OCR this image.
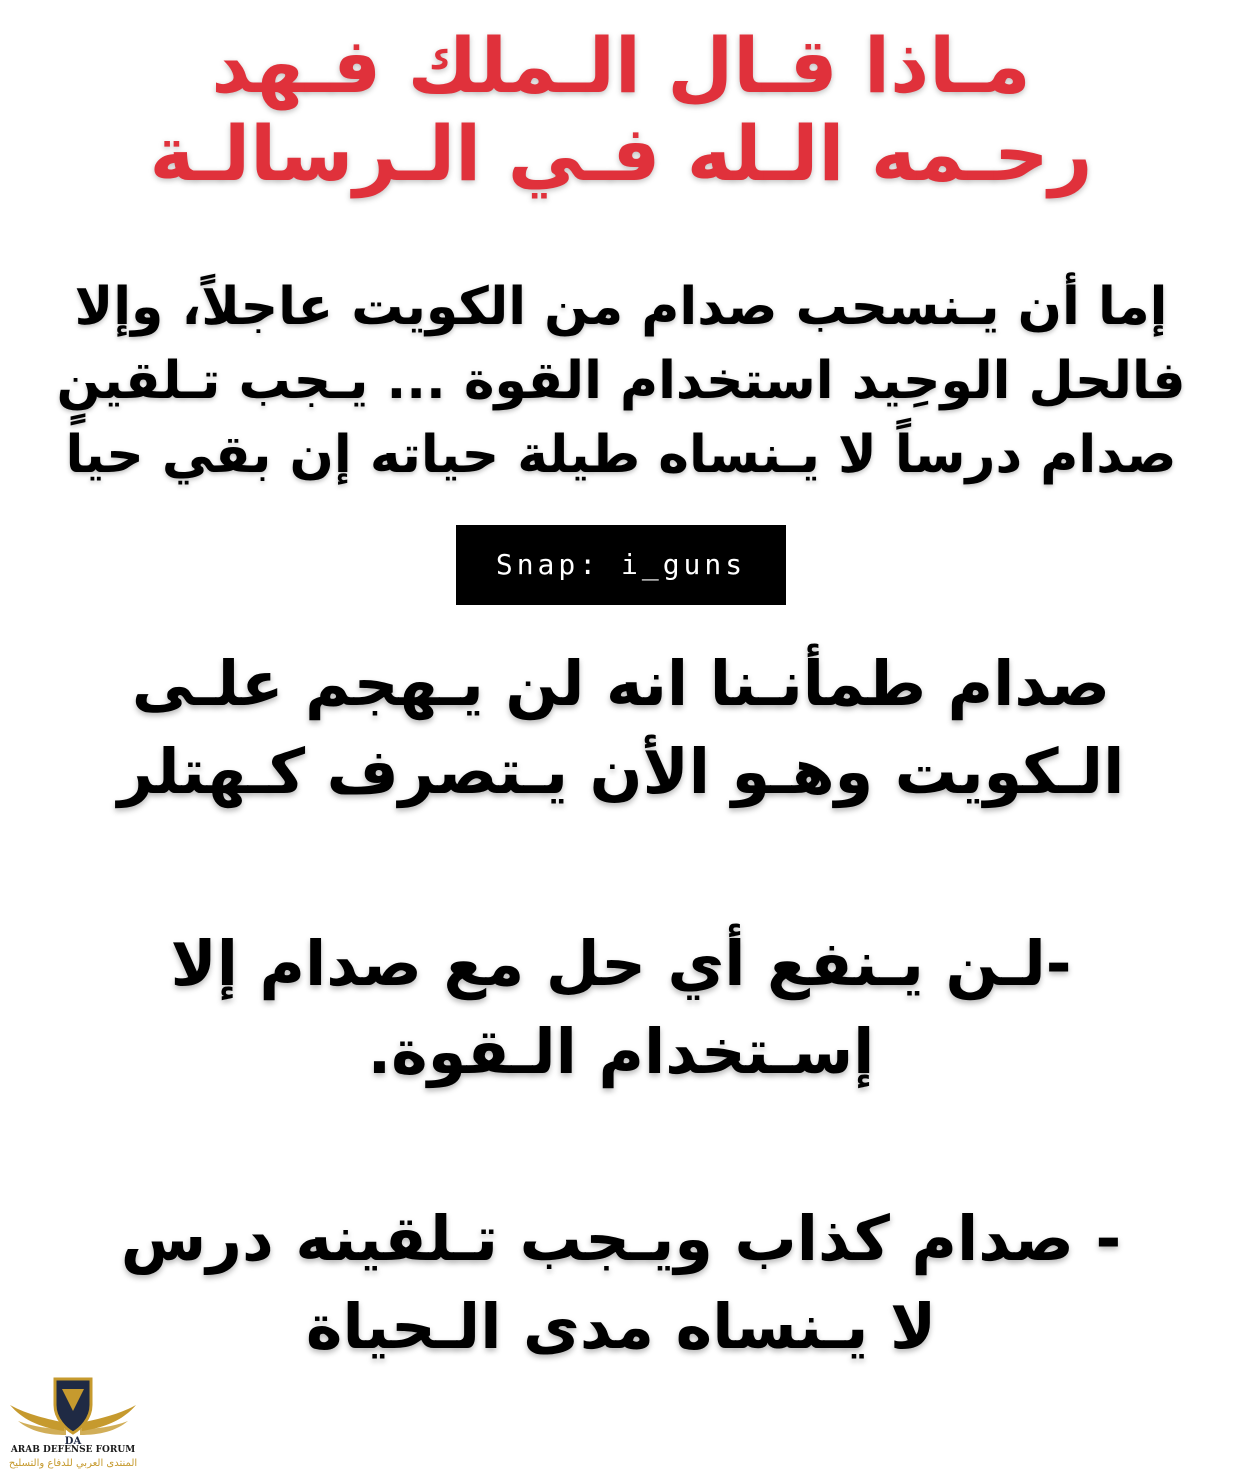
مـاذا قـال الـملك فـهد
رحـمه الـله فـي الـرسالـة
إما أن يـنسحب صدام من الكويت عاجلاً، وإلا
فالحل الوحِيد استخدام القوة ... يـجب تـلقينٍ
صدام درساً لا يـنساه طيلة حياته إن بقي حيا
Snap: i_guns
صدام طمأنـنا انه لن يـهجم علـى
الـكويت وهـو الأن يـتصرف كـهتلر
-لـن يـنفع أي حل مع صدام إلا
إسـتخدام الـقوة.
- صدام كذاب ويـجب تـلقينه درس
لا يـنساه مدى الـحياة
DA
ARAB DEFENSE FORUM
المنتدى العربي للدفاع والتسليح
